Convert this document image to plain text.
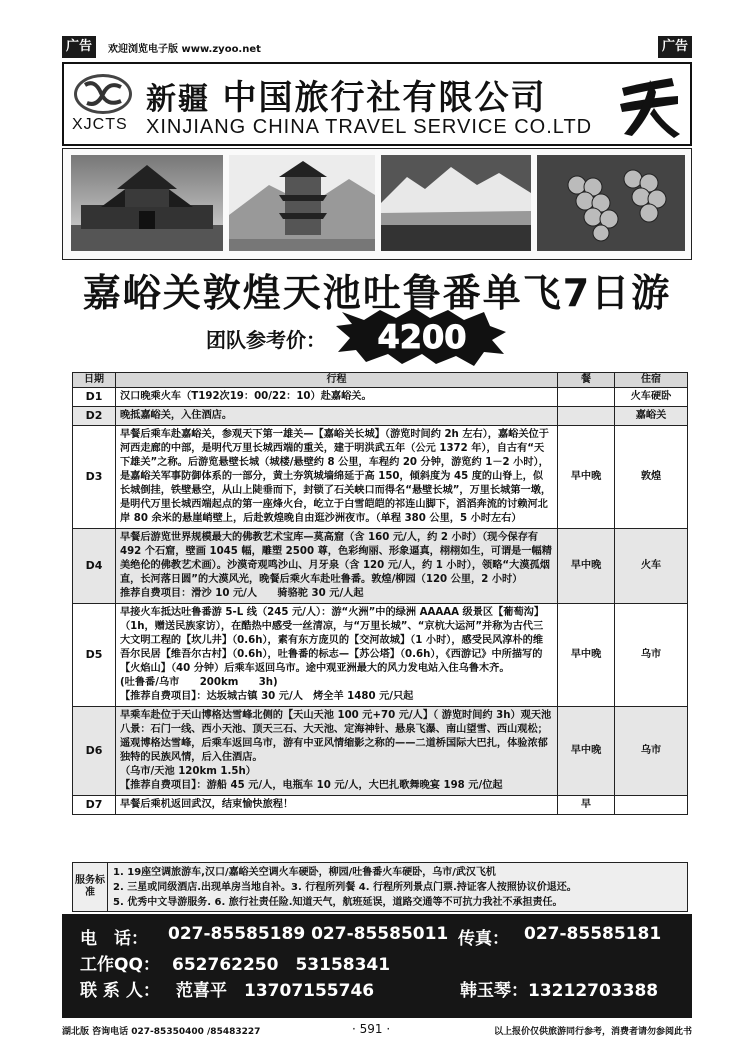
广告	欢迎浏览电子版 www.zyoo.net	广告
XJCTS
新疆 中国旅行社有限公司
XINJIANG CHINA TRAVEL SERVICE CO.LTD
嘉峪关敦煌天池吐鲁番单飞7日游
团队参考价： 4200
日期	行程	餐	住宿
D1	汉口晚乘火车（T192次19：00/22：10）赴嘉峪关。		火车硬卧
D2	晚抵嘉峪关，入住酒店。		嘉峪关
D3	早餐后乘车赴嘉峪关，参观天下第一雄关—【嘉峪关长城】（游览时间约 2h 左右），嘉峪关位于河西走廊的中部，是明代万里长城西端的重关，建于明洪武五年（公元 1372 年），自古有“天下雄关”之称。后游览悬壁长城（城楼/悬壁约 8 公里，车程约 20 分钟，游览约 1－2 小时），是嘉峪关军事防御体系的一部分，黄土夯筑城墙绵延于高 150，倾斜度为 45 度的山脊上，似长城倒挂，铁壁悬空，从山上陡垂而下，封锁了石关峡口而得名“悬壁长城”，万里长城第一墩，是明代万里长城西端起点的第一座烽火台，屹立于白雪皑皑的祁连山脚下，滔滔奔流的讨赖河北岸 80 余米的悬崖峭壁上，后赴敦煌晚自由逛沙洲夜市。（单程 380 公里，5 小时左右）	早中晚	敦煌
D4	早餐后游览世界规模最大的佛教艺术宝库—莫高窟（含 160 元/人，约 2 小时）（现今保存有 492 个石窟，壁画 1045 幅，雕塑 2500 尊，色彩绚丽、形象逼真，栩栩如生，可谓是一幅精美绝伦的佛教艺术画）。沙漠奇观鸣沙山、月牙泉（含 120 元/人，约 1 小时），领略“大漠孤烟直，长河落日圆”的大漠风光，晚餐后乘火车赴吐鲁番。敦煌/柳园（120 公里，2 小时）
推荐自费项目：滑沙 10 元/人　　骑骆驼 30 元/人起	早中晚	火车
D5	早接火车抵达吐鲁番游 5-L 线（245 元/人）：游“火洲”中的绿洲 AAAAA 级景区【葡萄沟】（1h，赠送民族家访），在酷热中感受一丝清凉，与“万里长城”、“京杭大运河”并称为古代三大文明工程的【坎儿井】（0.6h），素有东方庞贝的【交河故城】（1 小时），感受民风淳朴的维吾尔民居【维吾尔古村】（0.6h），吐鲁番的标志—【苏公塔】（0.6h），《西游记》中所描写的【火焰山】（40 分钟）后乘车返回乌市。途中观亚洲最大的风力发电站入住乌鲁木齐。
(吐鲁番/乌市　　200km　　3h)
【推荐自费项目】：达坂城古镇 30 元/人　烤全羊 1480 元/只起	早中晚	乌市
D6	早乘车赴位于天山博格达雪峰北侧的【天山天池 100 元+70 元/人】（ 游览时间约 3h）观天池八景：石门一线、西小天池、顶天三石、大天池、定海神针、悬泉飞瀑、南山望雪、西山观松；遥观博格达雪峰，后乘车返回乌市，游有中亚风情缩影之称的——二道桥国际大巴扎，体验浓郁独特的民族风情，后入住酒店。
（乌市/天池 120km 1.5h）
【推荐自费项目】：游船 45 元/人，电瓶车 10 元/人，大巴扎歌舞晚宴 198 元/位起	早中晚	乌市
D7	早餐后乘机返回武汉，结束愉快旅程！	早	
服务标准
1. 19座空调旅游车,汉口/嘉峪关空调火车硬卧，柳园/吐鲁番火车硬卧，乌市/武汉飞机
2. 三星或同级酒店.出现单房当地自补。3. 行程所列餐 4. 行程所列景点门票.持证客人按照协议价退还。
5. 优秀中文导游服务. 6. 旅行社责任险.知道天气，航班延误，道路交通等不可抗力我社不承担责任。
电　话： 027-85585189 027-85585011 传真： 027-85585181
工作QQ： 652762250　53158341
联 系 人： 范喜平　13707155746	韩玉琴：13212703388
湖北版 咨询电话 027-85350400 /85483227	· 591 ·	以上报价仅供旅游同行参考，消费者请勿参阅此书
